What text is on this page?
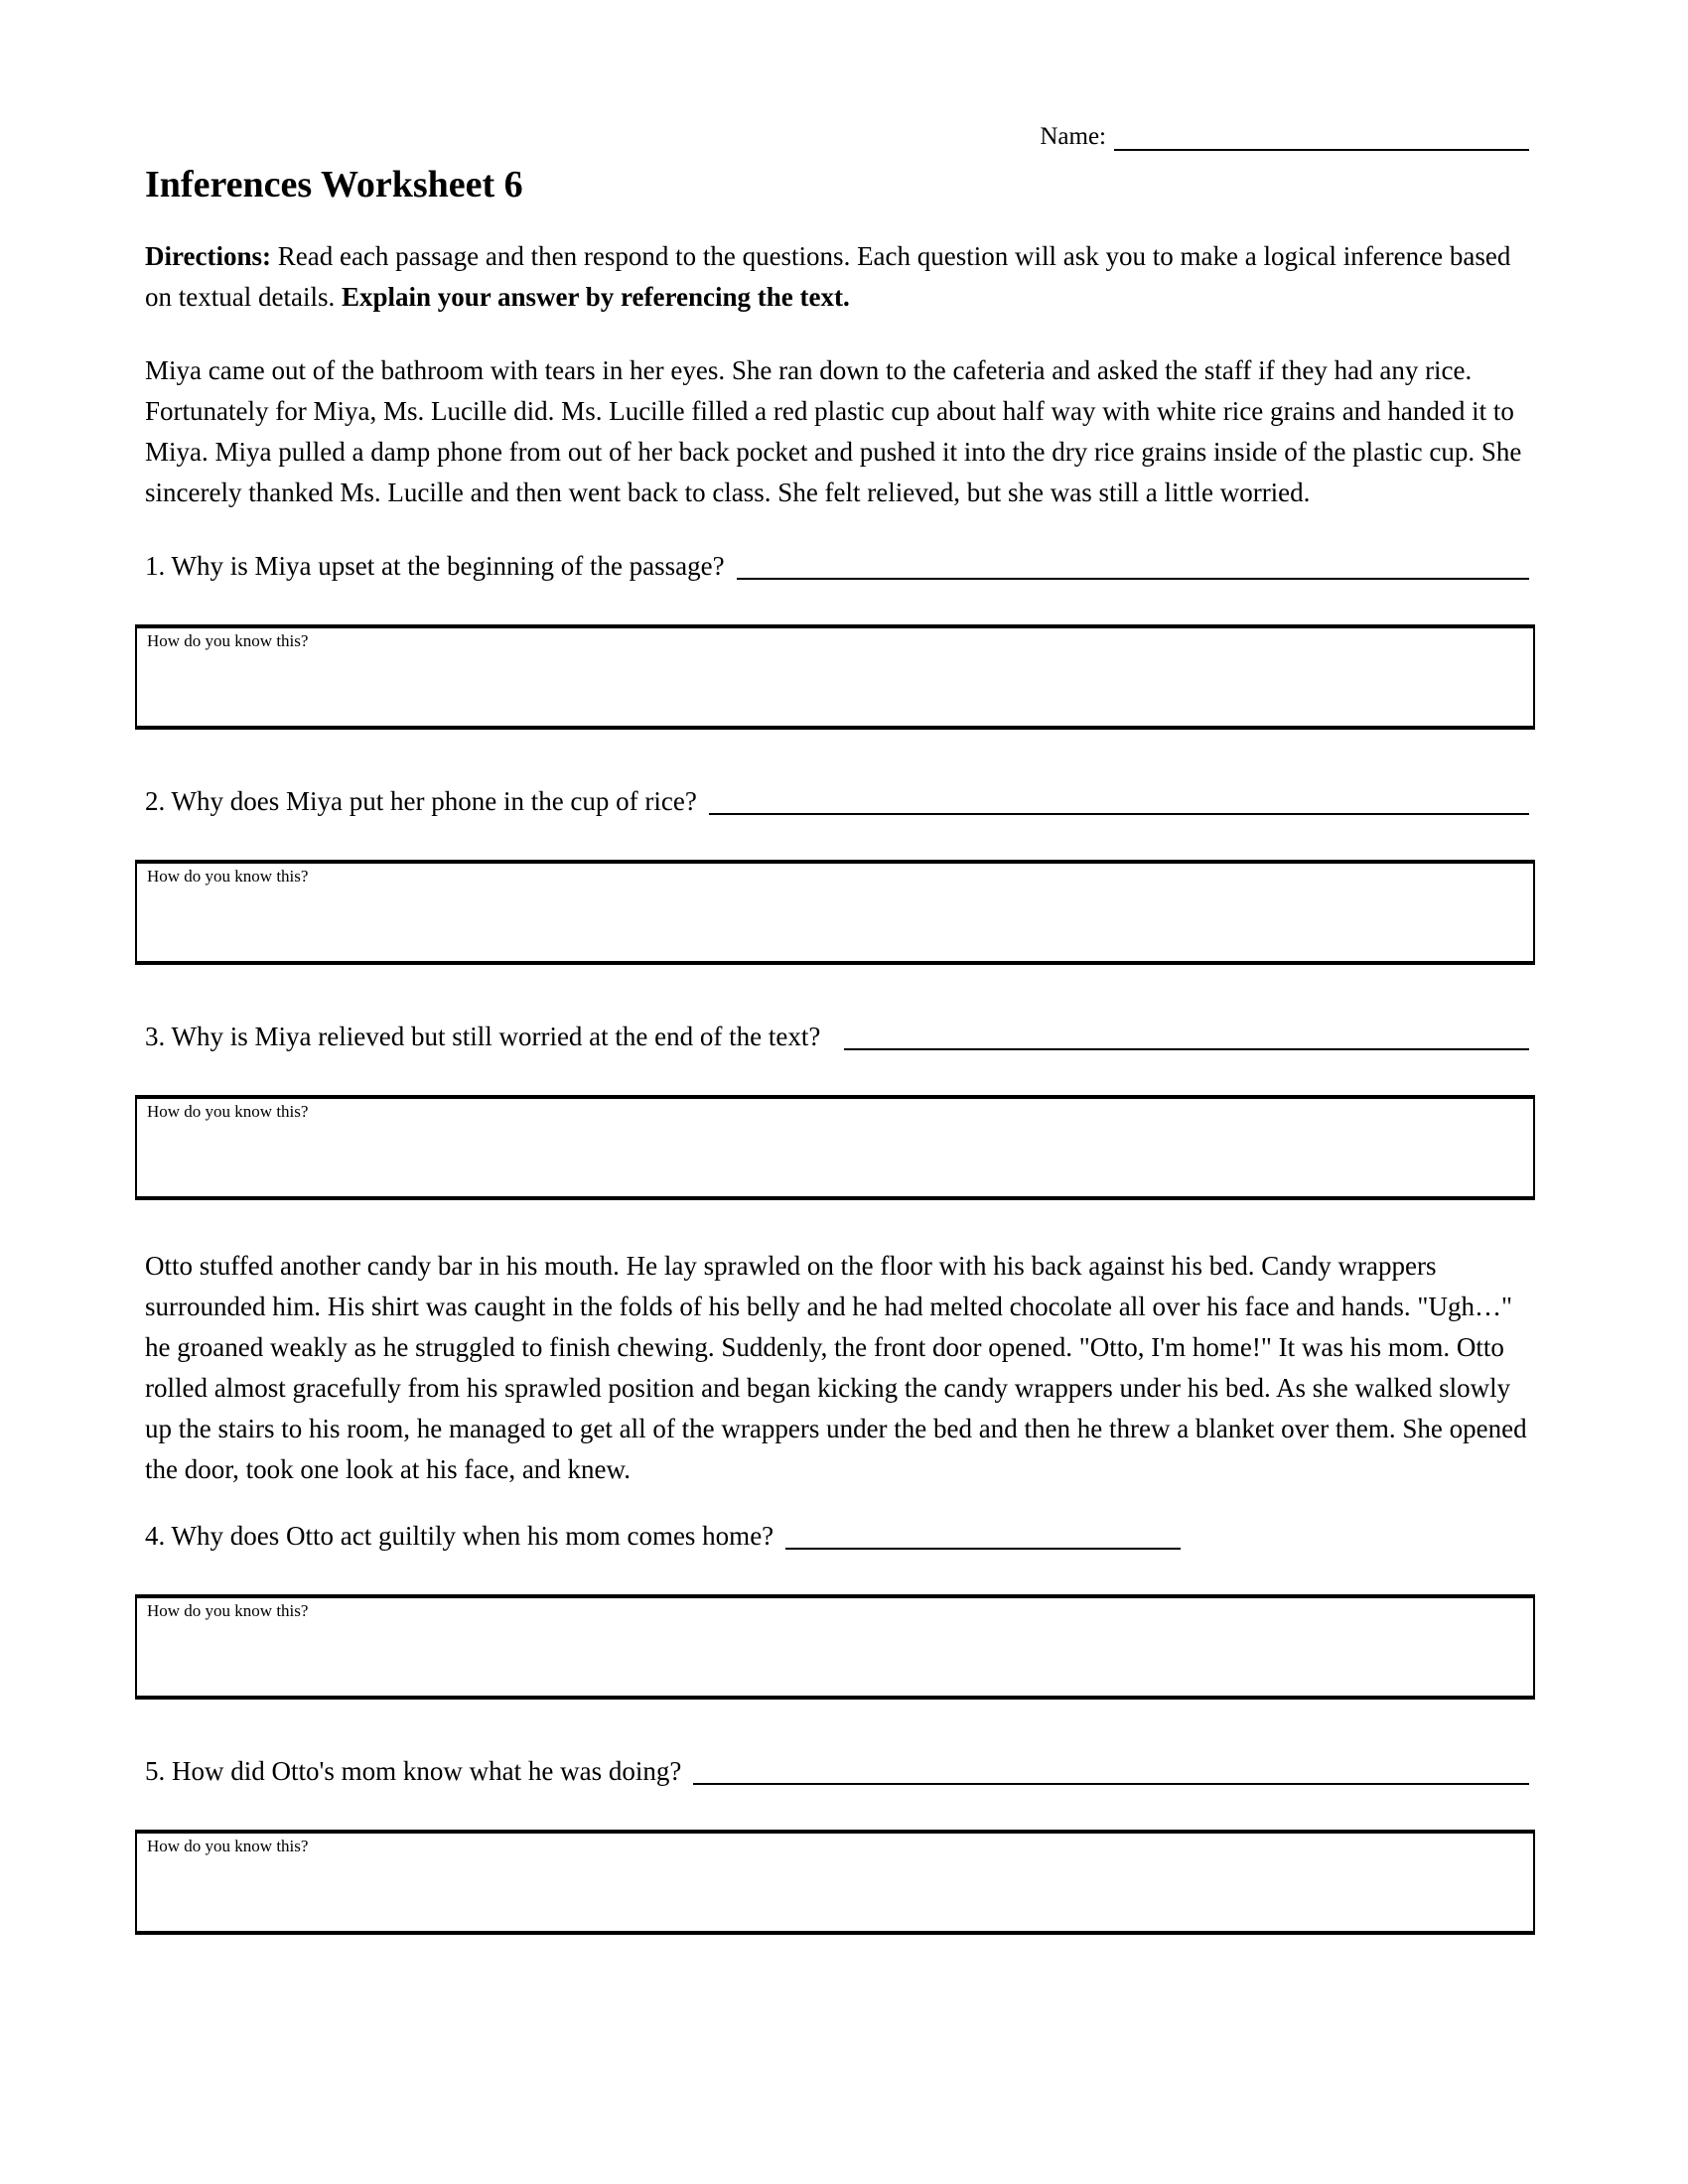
Name:
Inferences Worksheet 6
Directions: Read each passage and then respond to the questions. Each question will ask you to make a logical inference based on textual details. Explain your answer by referencing the text.
Miya came out of the bathroom with tears in her eyes. She ran down to the cafeteria and asked the staff if they had any rice. Fortunately for Miya, Ms. Lucille did. Ms. Lucille filled a red plastic cup about half way with white rice grains and handed it to Miya. Miya pulled a damp phone from out of her back pocket and pushed it into the dry rice grains inside of the plastic cup. She sincerely thanked Ms. Lucille and then went back to class. She felt relieved, but she was still a little worried.
1. Why is Miya upset at the beginning of the passage?
How do you know this?
2. Why does Miya put her phone in the cup of rice?
How do you know this?
3. Why is Miya relieved but still worried at the end of the text?
How do you know this?
Otto stuffed another candy bar in his mouth. He lay sprawled on the floor with his back against his bed. Candy wrappers surrounded him. His shirt was caught in the folds of his belly and he had melted chocolate all over his face and hands. "Ugh…" he groaned weakly as he struggled to finish chewing. Suddenly, the front door opened. "Otto, I'm home!" It was his mom. Otto rolled almost gracefully from his sprawled position and began kicking the candy wrappers under his bed. As she walked slowly up the stairs to his room, he managed to get all of the wrappers under the bed and then he threw a blanket over them. She opened the door, took one look at his face, and knew.
4. Why does Otto act guiltily when his mom comes home?
How do you know this?
5. How did Otto's mom know what he was doing?
How do you know this?
